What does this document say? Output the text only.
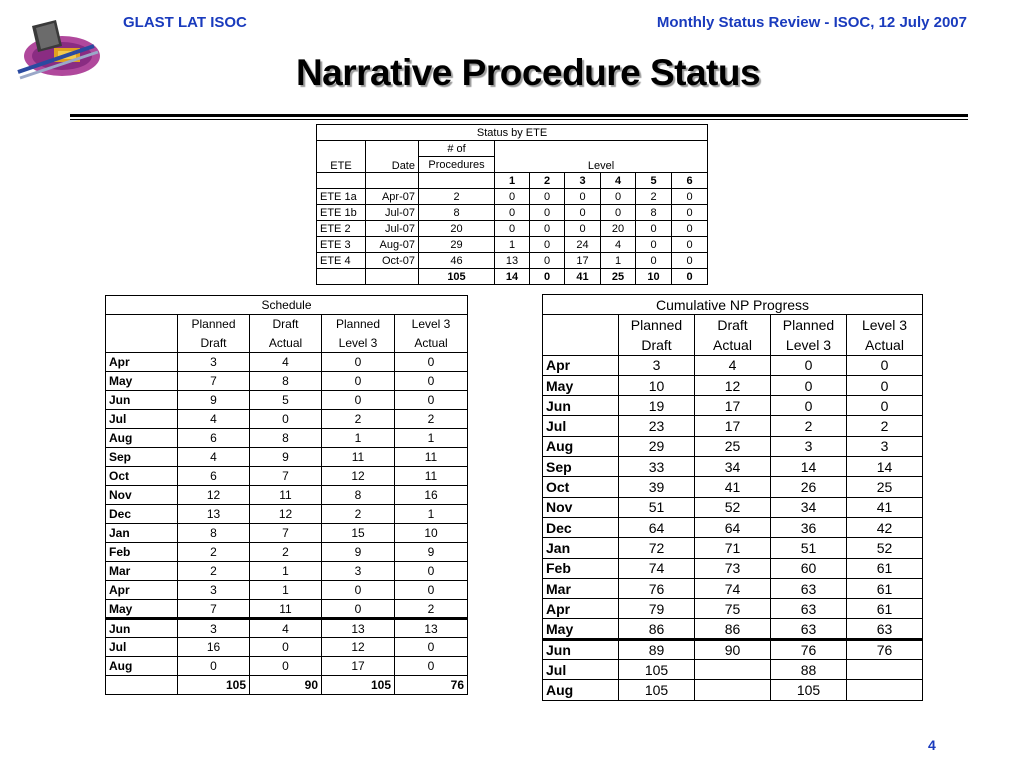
GLAST LAT ISOC	Monthly Status Review - ISOC, 12 July 2007
Narrative Procedure Status
Status by ETE								
ETE	Date	# of	Level					
		Procedures						
			1	2	3	4	5	6
ETE 1a	Apr-07	2	0	0	0	0	2	0
ETE 1b	Jul-07	8	0	0	0	0	8	0
ETE 2	Jul-07	20	0	0	0	20	0	0
ETE 3	Aug-07	29	1	0	24	4	0	0
ETE 4	Oct-07	46	13	0	17	1	0	0
		105	14	0	41	25	10	0
Schedule				
	Planned	Draft	Planned	Level 3
	Draft	Actual	Level 3	Actual
Apr	3	4	0	0
May	7	8	0	0
Jun	9	5	0	0
Jul	4	0	2	2
Aug	6	8	1	1
Sep	4	9	11	11
Oct	6	7	12	11
Nov	12	11	8	16
Dec	13	12	2	1
Jan	8	7	15	10
Feb	2	2	9	9
Mar	2	1	3	0
Apr	3	1	0	0
May	7	11	0	2
Jun	3	4	13	13
Jul	16	0	12	0
Aug	0	0	17	0
	105	90	105	76
Cumulative NP Progress				
	Planned	Draft	Planned	Level 3
	Draft	Actual	Level 3	Actual
Apr	3	4	0	0
May	10	12	0	0
Jun	19	17	0	0
Jul	23	17	2	2
Aug	29	25	3	3
Sep	33	34	14	14
Oct	39	41	26	25
Nov	51	52	34	41
Dec	64	64	36	42
Jan	72	71	51	52
Feb	74	73	60	61
Mar	76	74	63	61
Apr	79	75	63	61
May	86	86	63	63
Jun	89	90	76	76
Jul	105		88	
Aug	105		105	
4
